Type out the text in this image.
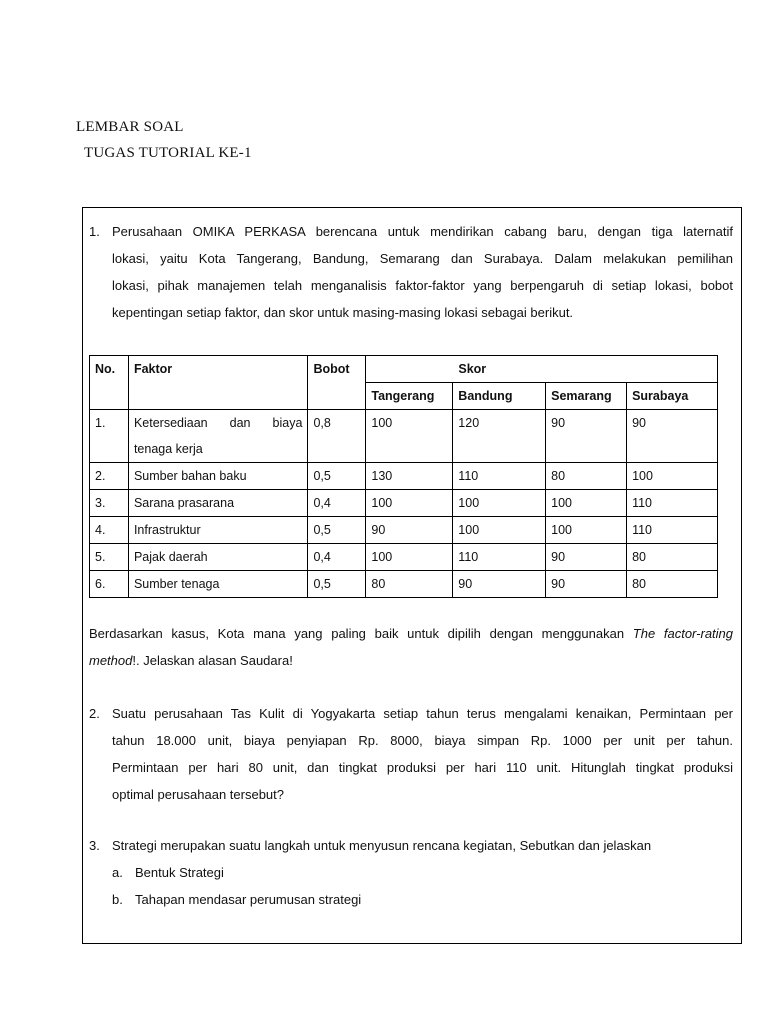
LEMBAR SOAL
TUGAS TUTORIAL KE-1
1. Perusahaan OMIKA PERKASA berencana untuk mendirikan cabang baru, dengan tiga laternatif
lokasi, yaitu Kota Tangerang, Bandung, Semarang dan Surabaya. Dalam melakukan pemilihan
lokasi, pihak manajemen telah menganalisis faktor-faktor yang berpengaruh di setiap lokasi, bobot
kepentingan setiap faktor, dan skor untuk masing-masing lokasi sebagai berikut.
No.	Faktor	Bobot	Skor			
			Tangerang	Bandung	Semarang	Surabaya
1.	Ketersediaan dan biaya tenaga kerja	0,8	100	120	90	90
2.	Sumber bahan baku	0,5	130	110	80	100
3.	Sarana prasarana	0,4	100	100	100	110
4.	Infrastruktur	0,5	90	100	100	110
5.	Pajak daerah	0,4	100	110	90	80
6.	Sumber tenaga	0,5	80	90	90	80
Berdasarkan kasus, Kota mana yang paling baik untuk dipilih dengan menggunakan The factor-rating
method!. Jelaskan alasan Saudara!
2. Suatu perusahaan Tas Kulit di Yogyakarta setiap tahun terus mengalami kenaikan, Permintaan per
tahun 18.000 unit, biaya penyiapan Rp. 8000, biaya simpan Rp. 1000 per unit per tahun.
Permintaan per hari 80 unit, dan tingkat produksi per hari 110 unit. Hitunglah tingkat produksi
optimal perusahaan tersebut?
3. Strategi merupakan suatu langkah untuk menyusun rencana kegiatan, Sebutkan dan jelaskan
a. Bentuk Strategi
b. Tahapan mendasar perumusan strategi
